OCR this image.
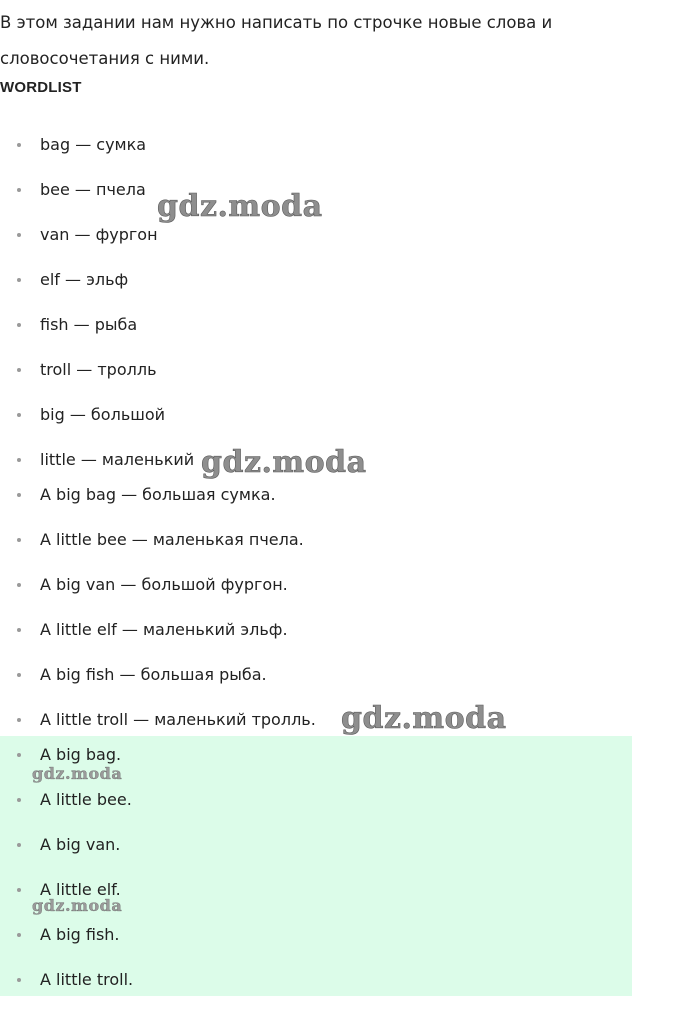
В этом задании нам нужно написать по строчке новые слова и словосочетания с ними.

WORDLIST
bag — сумка
bee — пчела
van — фургон
elf — эльф
fish — рыба
troll — тролль
big — большой
little — маленький
A big bag — большая сумка.
A little bee — маленькая пчела.
A big van — большой фургон.
A little elf — маленький эльф.
A big fish — большая рыба.
A little troll — маленький тролль.
A big bag.
A little bee.
A big van.
A little elf.
A big fish.
A little troll.
gdz.moda
gdz.moda
gdz.moda
gdz.moda
gdz.moda
